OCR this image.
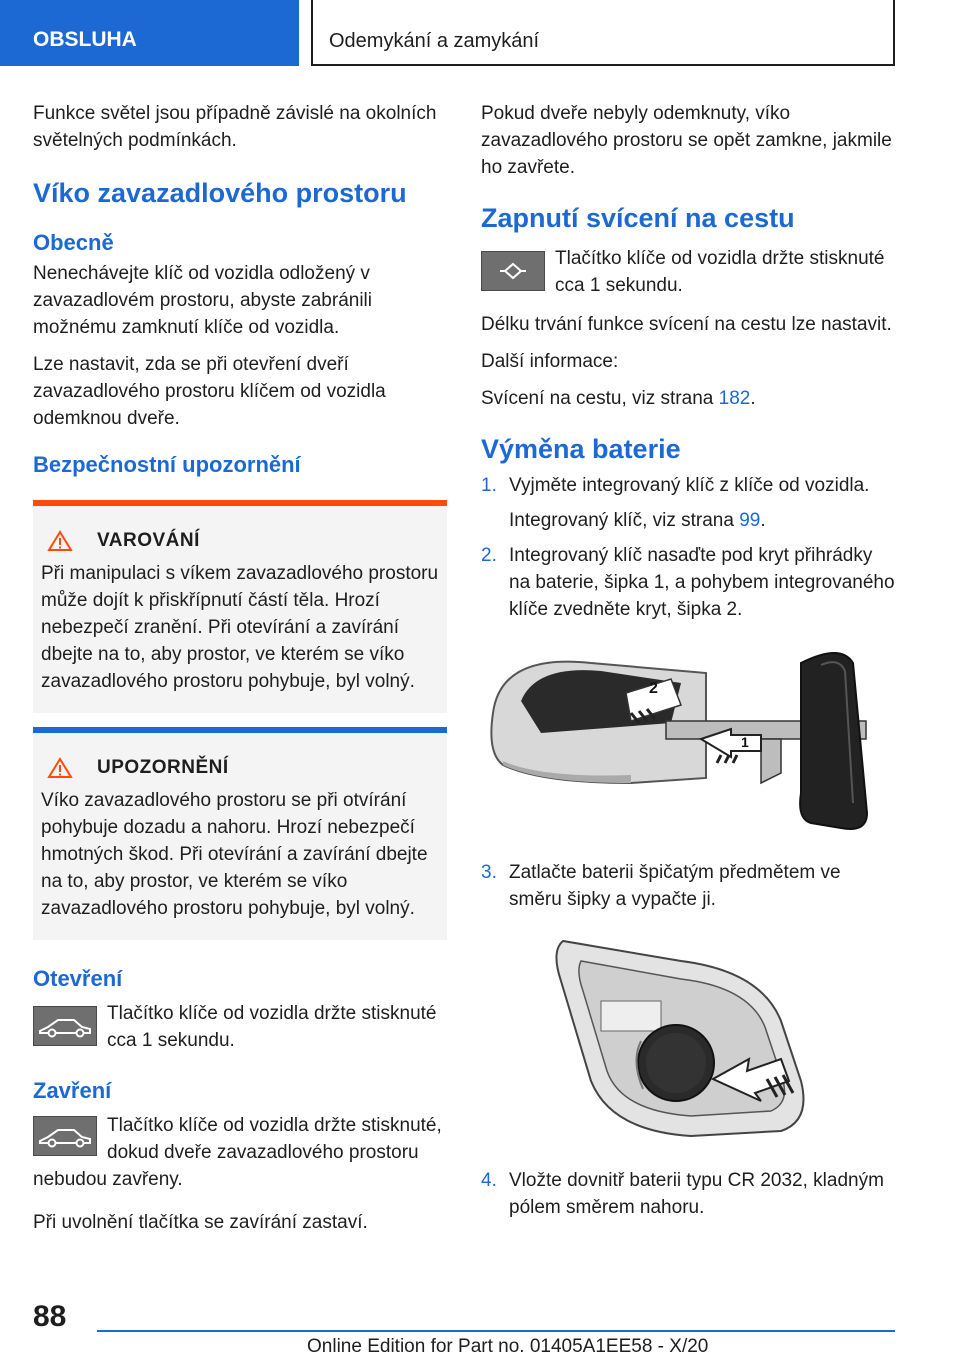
OBSLUHA	Odemykání a zamykání

Funkce světel jsou případně závislé na okolních světelných podmínkách.

Víko zavazadlového prostoru
Obecně

Nenechávejte klíč od vozidla odložený v zavazadlovém prostoru, abyste zabránili možnému zamknutí klíče od vozidla.

Lze nastavit, zda se při otevření dveří zavazadlového prostoru klíčem od vozidla odemknou dveře.

Bezpečnostní upozornění
VAROVÁNÍ

Při manipulaci s víkem zavazadlového prostoru může dojít k přiskřípnutí částí těla. Hrozí nebezpečí zranění. Při otevírání a zavírání dbejte na to, aby prostor, ve kterém se víko zavazadlového prostoru pohybuje, byl volný.

UPOZORNĚNÍ

Víko zavazadlového prostoru se při otvírání pohybuje dozadu a nahoru. Hrozí nebezpečí hmotných škod. Při otevírání a zavírání dbejte na to, aby prostor, ve kterém se víko zavazadlového prostoru pohybuje, byl volný.

Otevření

Tlačítko klíče od vozidla držte stisknuté cca 1 sekundu.

Zavření

Tlačítko klíče od vozidla držte stisknuté, dokud dveře zavazadlového prostoru nebudou zavřeny.

Při uvolnění tlačítka se zavírání zastaví.

Pokud dveře nebyly odemknuty, víko zavazadlového prostoru se opět zamkne, jakmile ho zavřete.

Zapnutí svícení na cestu

Tlačítko klíče od vozidla držte stisknuté cca 1 sekundu.

Délku trvání funkce svícení na cestu lze nastavit.

Další informace:

Svícení na cestu, viz strana 182.

Výměna baterie
1. Vyjměte integrovaný klíč z klíče od vozidla.
Integrovaný klíč, viz strana 99.
2. Integrovaný klíč nasaďte pod kryt přihrádky na baterie, šipka 1, a pohybem integrovaného klíče zvedněte kryt, šipka 2.
2
1
3. Zatlačte baterii špičatým předmětem ve směru šipky a vypačte ji.
4. Vložte dovnitř baterii typu CR 2032, kladným pólem směrem nahoru.
88
Online Edition for Part no. 01405A1EE58 - X/20
